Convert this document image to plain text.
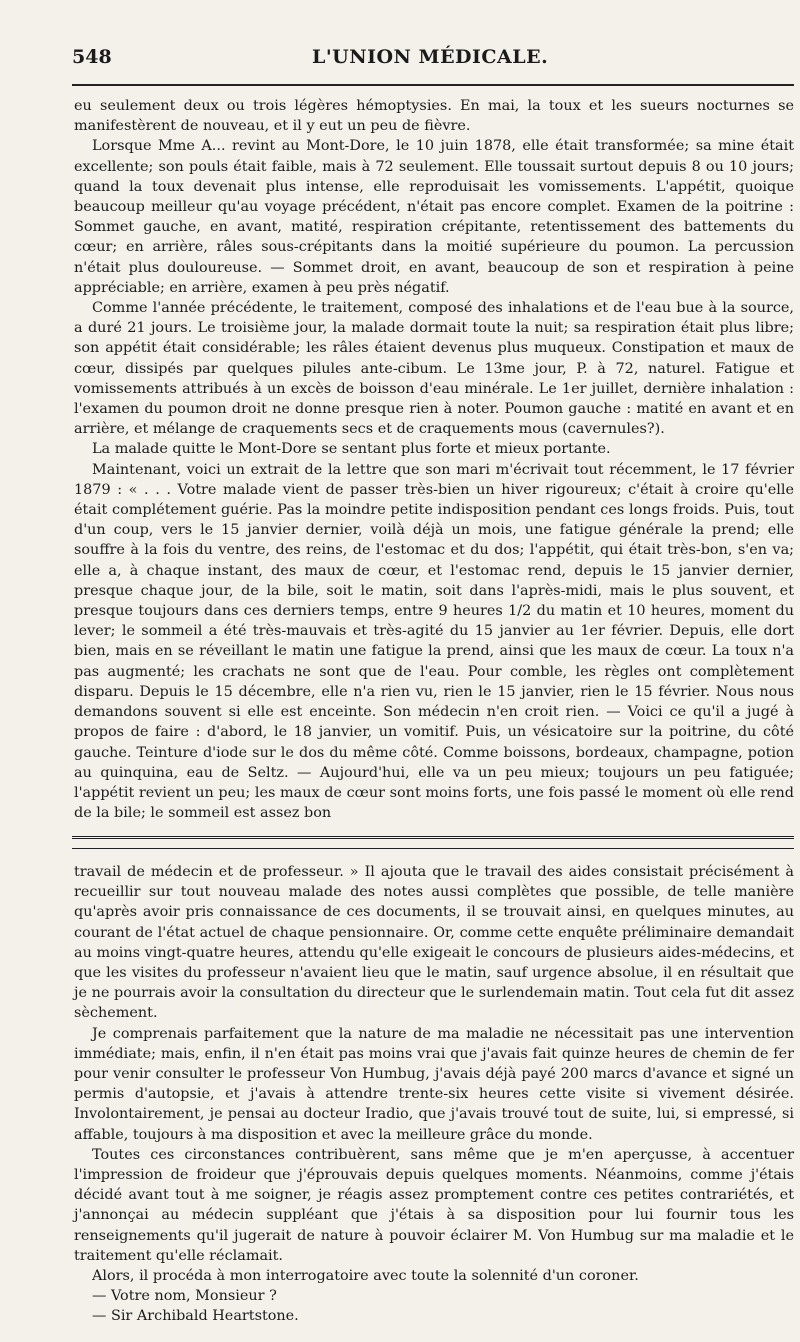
548	L'UNION MÉDICALE.

eu seulement deux ou trois légères hémoptysies. En mai, la toux et les sueurs nocturnes se manifestèrent de nouveau, et il y eut un peu de fièvre.

Lorsque Mme A... revint au Mont-Dore, le 10 juin 1878, elle était transformée; sa mine était excellente; son pouls était faible, mais à 72 seulement. Elle toussait surtout depuis 8 ou 10 jours; quand la toux devenait plus intense, elle reproduisait les vomissements. L'appétit, quoique beaucoup meilleur qu'au voyage précédent, n'était pas encore complet. Examen de la poitrine : Sommet gauche, en avant, matité, respiration crépitante, retentissement des battements du cœur; en arrière, râles sous-crépitants dans la moitié supérieure du poumon. La percussion n'était plus douloureuse. — Sommet droit, en avant, beaucoup de son et respiration à peine appréciable; en arrière, examen à peu près négatif.

Comme l'année précédente, le traitement, composé des inhalations et de l'eau bue à la source, a duré 21 jours. Le troisième jour, la malade dormait toute la nuit; sa respiration était plus libre; son appétit était considérable; les râles étaient devenus plus muqueux. Constipation et maux de cœur, dissipés par quelques pilules ante-cibum. Le 13me jour, P. à 72, naturel. Fatigue et vomissements attribués à un excès de boisson d'eau minérale. Le 1er juillet, dernière inhalation : l'examen du poumon droit ne donne presque rien à noter. Poumon gauche : matité en avant et en arrière, et mélange de craquements secs et de craquements mous (cavernules?).

La malade quitte le Mont-Dore se sentant plus forte et mieux portante.

Maintenant, voici un extrait de la lettre que son mari m'écrivait tout récemment, le 17 février 1879 : « . . . Votre malade vient de passer très-bien un hiver rigoureux; c'était à croire qu'elle était complétement guérie. Pas la moindre petite indisposition pendant ces longs froids. Puis, tout d'un coup, vers le 15 janvier dernier, voilà déjà un mois, une fatigue générale la prend; elle souffre à la fois du ventre, des reins, de l'estomac et du dos; l'appétit, qui était très-bon, s'en va; elle a, à chaque instant, des maux de cœur, et l'estomac rend, depuis le 15 janvier dernier, presque chaque jour, de la bile, soit le matin, soit dans l'après-midi, mais le plus souvent, et presque toujours dans ces derniers temps, entre 9 heures 1/2 du matin et 10 heures, moment du lever; le sommeil a été très-mauvais et très-agité du 15 janvier au 1er février. Depuis, elle dort bien, mais en se réveillant le matin une fatigue la prend, ainsi que les maux de cœur. La toux n'a pas augmenté; les crachats ne sont que de l'eau. Pour comble, les règles ont complètement disparu. Depuis le 15 décembre, elle n'a rien vu, rien le 15 janvier, rien le 15 février. Nous nous demandons souvent si elle est enceinte. Son médecin n'en croit rien. — Voici ce qu'il a jugé à propos de faire : d'abord, le 18 janvier, un vomitif. Puis, un vésicatoire sur la poitrine, du côté gauche. Teinture d'iode sur le dos du même côté. Comme boissons, bordeaux, champagne, potion au quinquina, eau de Seltz. — Aujourd'hui, elle va un peu mieux; toujours un peu fatiguée; l'appétit revient un peu; les maux de cœur sont moins forts, une fois passé le moment où elle rend de la bile; le sommeil est assez bon

travail de médecin et de professeur. » Il ajouta que le travail des aides consistait précisément à recueillir sur tout nouveau malade des notes aussi complètes que possible, de telle manière qu'après avoir pris connaissance de ces documents, il se trouvait ainsi, en quelques minutes, au courant de l'état actuel de chaque pensionnaire. Or, comme cette enquête préliminaire demandait au moins vingt-quatre heures, attendu qu'elle exigeait le concours de plusieurs aides-médecins, et que les visites du professeur n'avaient lieu que le matin, sauf urgence absolue, il en résultait que je ne pourrais avoir la consultation du directeur que le surlendemain matin. Tout cela fut dit assez sèchement.

Je comprenais parfaitement que la nature de ma maladie ne nécessitait pas une intervention immédiate; mais, enfin, il n'en était pas moins vrai que j'avais fait quinze heures de chemin de fer pour venir consulter le professeur Von Humbug, j'avais déjà payé 200 marcs d'avance et signé un permis d'autopsie, et j'avais à attendre trente-six heures cette visite si vivement désirée. Involontairement, je pensai au docteur Iradio, que j'avais trouvé tout de suite, lui, si empressé, si affable, toujours à ma disposition et avec la meilleure grâce du monde.

Toutes ces circonstances contribuèrent, sans même que je m'en aperçusse, à accentuer l'impression de froideur que j'éprouvais depuis quelques moments. Néanmoins, comme j'étais décidé avant tout à me soigner, je réagis assez promptement contre ces petites contrariétés, et j'annonçai au médecin suppléant que j'étais à sa disposition pour lui fournir tous les renseignements qu'il jugerait de nature à pouvoir éclairer M. Von Humbug sur ma maladie et le traitement qu'elle réclamait.

Alors, il procéda à mon interrogatoire avec toute la solennité d'un coroner.

— Votre nom, Monsieur ?

— Sir Archibald Heartstone.
